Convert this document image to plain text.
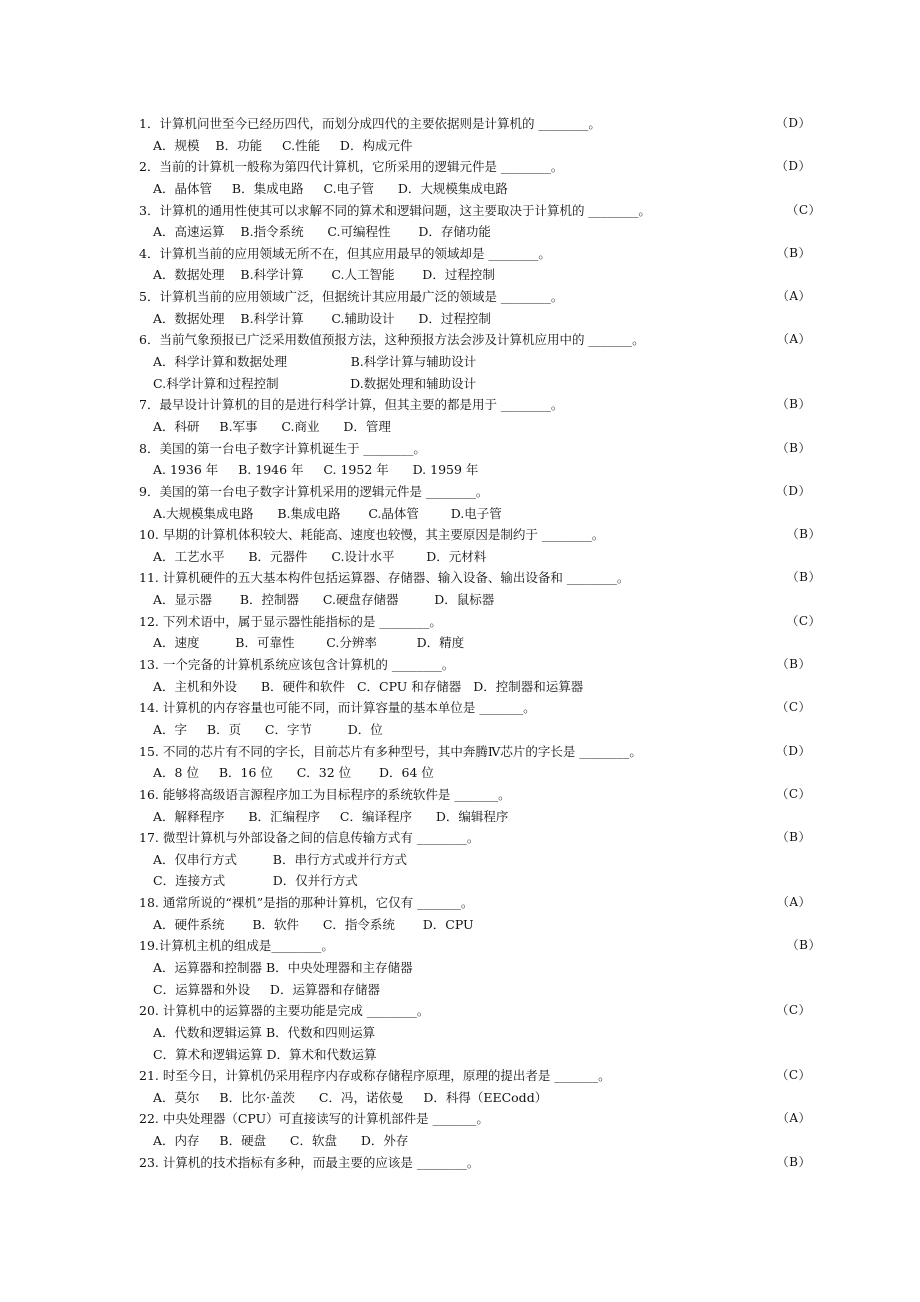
1．计算机问世至今已经历四代，而划分成四代的主要依据则是计算机的 ________。	（D）
A．规模    B．功能     C.性能     D．构成元件
2．当前的计算机一般称为第四代计算机，它所采用的逻辑元件是 ________。	（D）
A．晶体管     B．集成电路     C.电子管      D．大规模集成电路
3．计算机的通用性使其可以求解不同的算术和逻辑问题，这主要取决于计算机的 ________。	（C）
A．高速运算    B.指令系统      C.可编程性       D．存储功能
4．计算机当前的应用领域无所不在，但其应用最早的领域却是 ________。	（B）
A．数据处理    B.科学计算       C.人工智能       D．过程控制
5．计算机当前的应用领域广泛，但据统计其应用最广泛的领域是 ________。	（A）
A．数据处理    B.科学计算       C.辅助设计      D．过程控制
6．当前气象预报已广泛采用数值预报方法，这种预报方法会涉及计算机应用中的 _______。	（A）
A．科学计算和数据处理                B.科学计算与辅助设计
C.科学计算和过程控制                  D.数据处理和辅助设计
7．最早设计计算机的目的是进行科学计算，但其主要的都是用于 ________。	（B）
A．科研     B.军事      C.商业      D．管理
8．美国的第一台电子数字计算机诞生于 ________。	（B）
A. 1936 年     B. 1946 年     C. 1952 年      D. 1959 年
9．美国的第一台电子数字计算机采用的逻辑元件是 ________。	（D）
A.大规模集成电路      B.集成电路       C.晶体管        D.电子管
10. 早期的计算机体积较大、耗能高、速度也较慢，其主要原因是制约于 ________。	（B）
A．工艺水平      B．元器件      C.设计水平        D．元材料
11. 计算机硬件的五大基本构件包括运算器、存储器、输入设备、输出设备和 ________。	（B）
A．显示器       B．控制器      C.硬盘存储器         D．鼠标器
12. 下列术语中，属于显示器性能指标的是 ________。	（C）
A．速度         B．可靠性        C.分辨率          D．精度
13. 一个完备的计算机系统应该包含计算机的 ________。	（B）
A．主机和外设      B．硬件和软件   C．CPU 和存储器   D．控制器和运算器
14. 计算机的内存容量也可能不同，而计算容量的基本单位是 _______。	（C）
A．字     B．页      C．字节         D．位
15. 不同的芯片有不同的字长，目前芯片有多种型号，其中奔腾Ⅳ芯片的字长是 ________。	（D）
A．8 位     B．16 位      C．32 位       D．64 位
16. 能够将高级语言源程序加工为目标程序的系统软件是 _______。	（C）
A．解释程序      B．汇编程序     C．编译程序      D．编辑程序
17. 微型计算机与外部设备之间的信息传输方式有 ________。	（B）
A．仅串行方式         B．串行方式或并行方式
C．连接方式            D．仅并行方式
18. 通常所说的“裸机”是指的那种计算机，它仅有 _______。	（A）
A．硬件系统       B．软件      C．指令系统       D．CPU
19.计算机主机的组成是________。	（B）
A．运算器和控制器 B．中央处理器和主存储器
C．运算器和外设     D．运算器和存储器
20. 计算机中的运算器的主要功能是完成 ________。	（C）
A．代数和逻辑运算 B．代数和四则运算
C．算术和逻辑运算 D．算术和代数运算
21. 时至今日，计算机仍采用程序内存或称存储程序原理，原理的提出者是 _______。	（C）
A．莫尔     B．比尔·盖茨      C．冯，诺依曼     D．科得（EECodd）
22. 中央处理器（CPU）可直接读写的计算机部件是 _______。	（A）
A．内存     B．硬盘      C．软盘      D．外存
23. 计算机的技术指标有多种，而最主要的应该是 ________。	（B）
